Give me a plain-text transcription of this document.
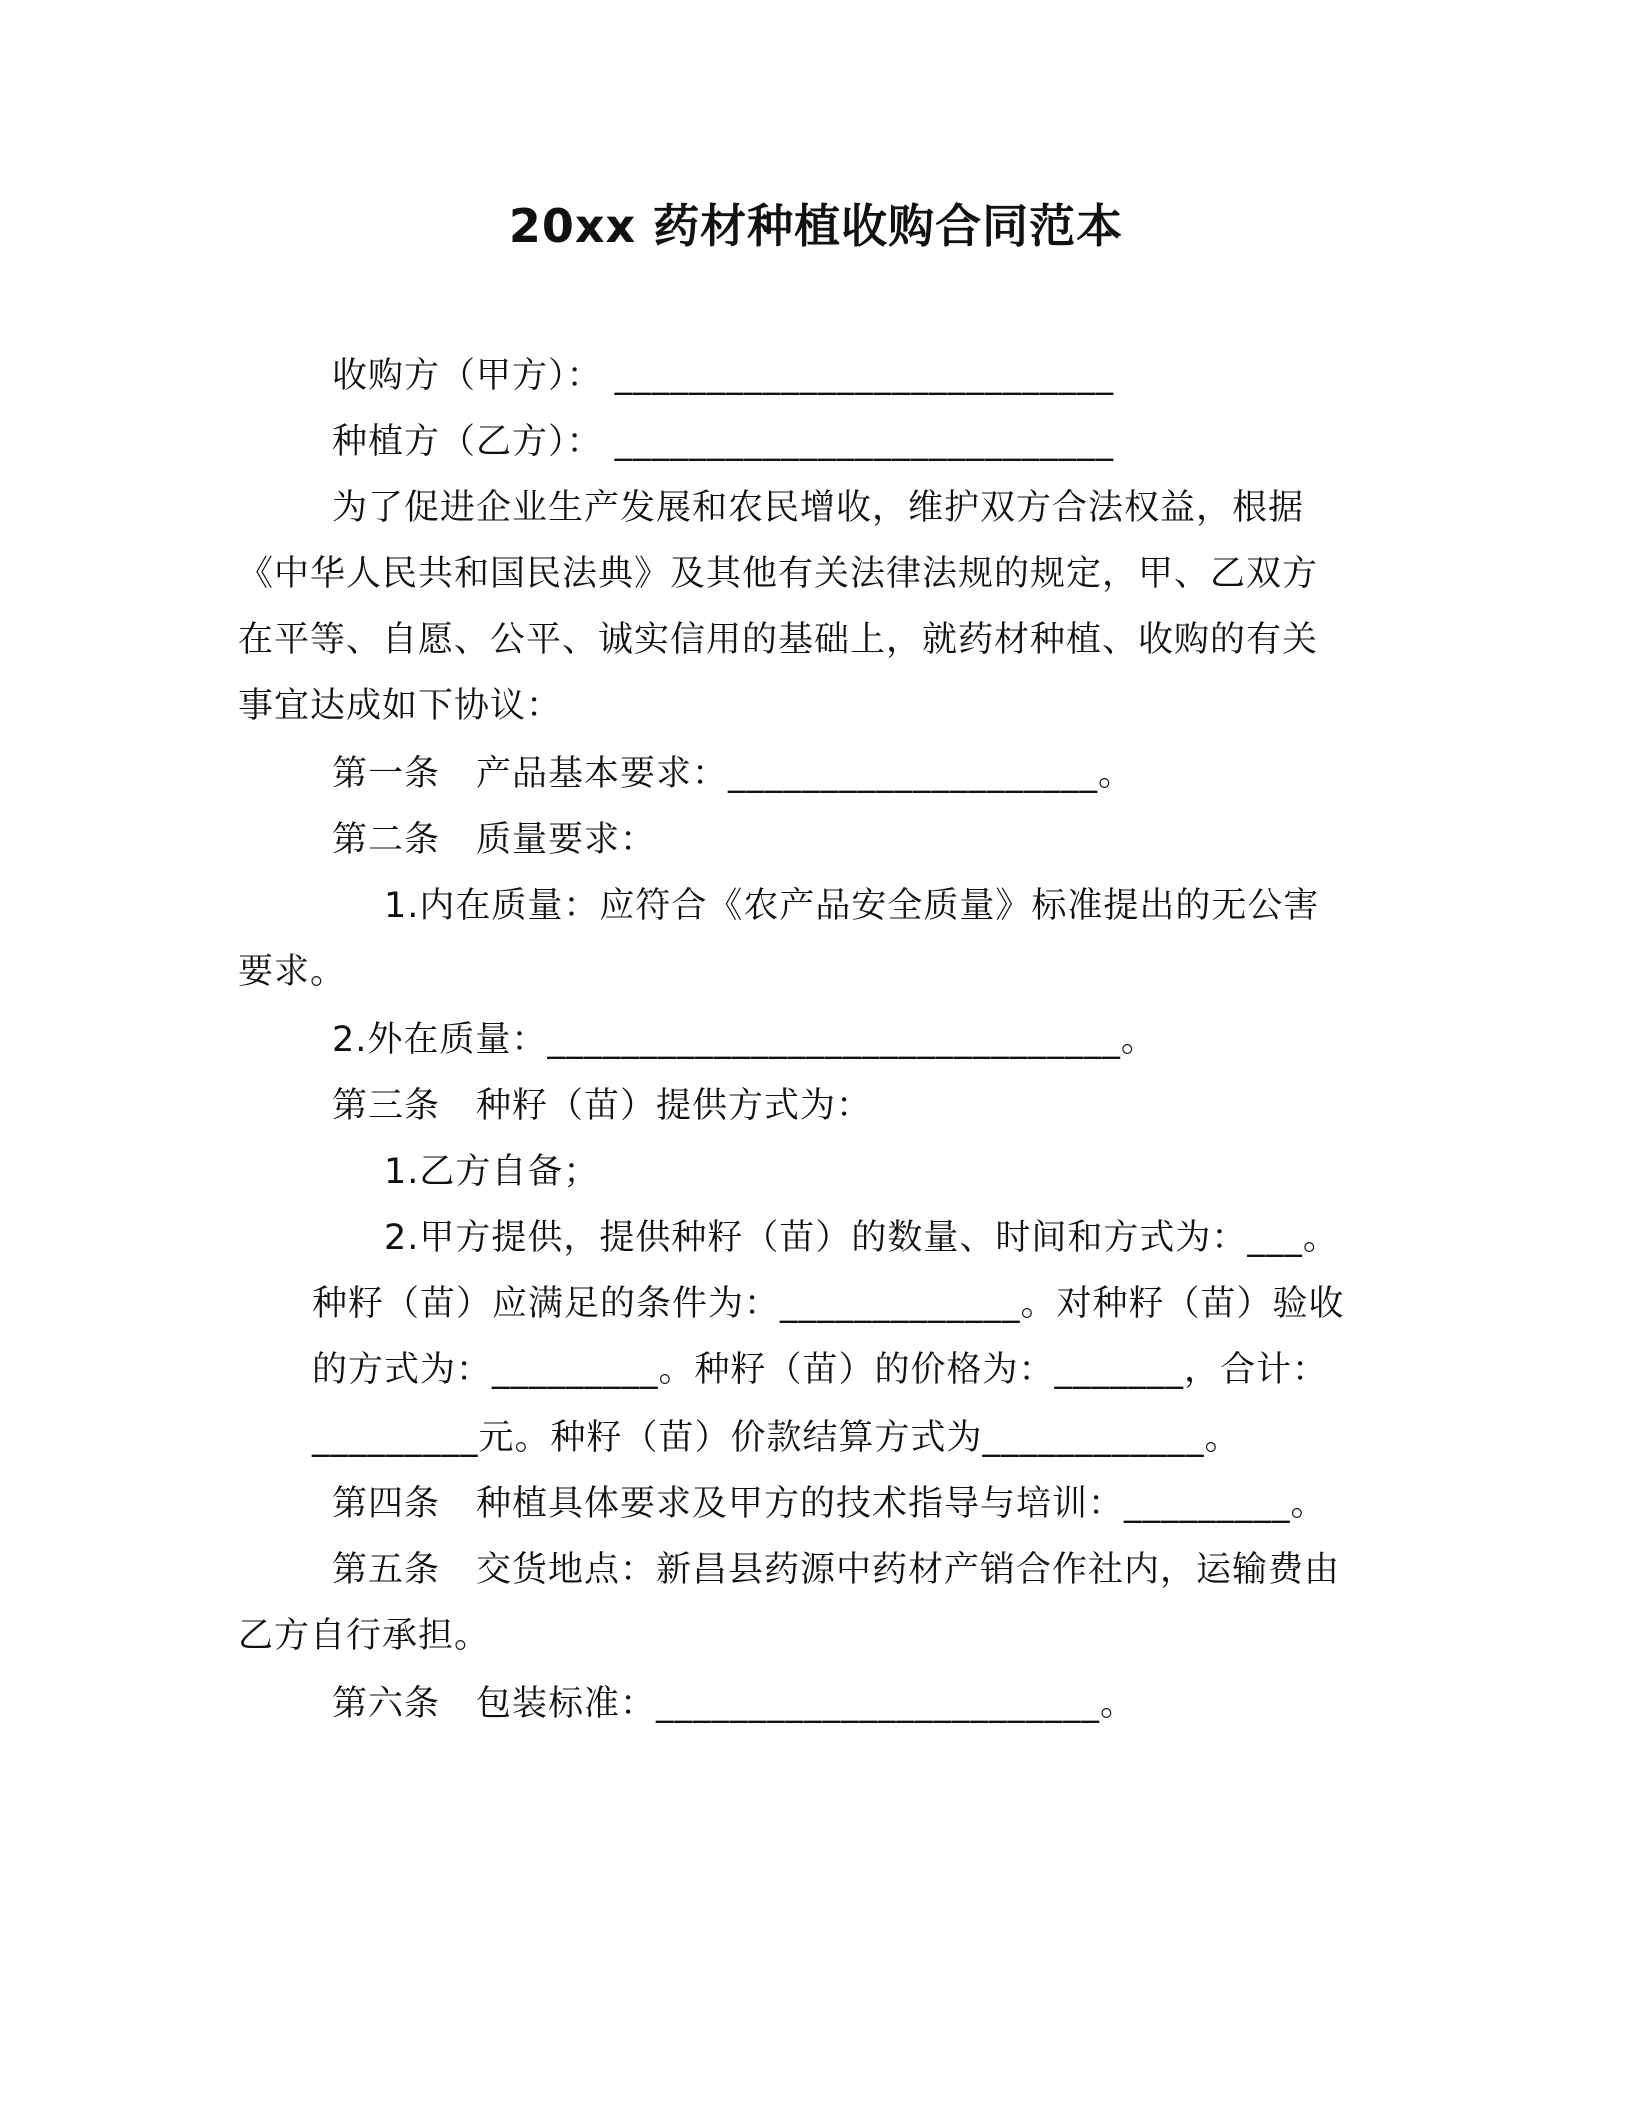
20xx 药材种植收购合同范本
收购方（甲方）： ___________________________
种植方（乙方）： ___________________________
为了促进企业生产发展和农民增收，维护双方合法权益，根据
《中华人民共和国民法典》及其他有关法律法规的规定，甲、乙双方
在平等、自愿、公平、诚实信用的基础上，就药材种植、收购的有关
事宜达成如下协议：
第一条　产品基本要求：____________________。
第二条　质量要求：
1.内在质量：应符合《农产品安全质量》标准提出的无公害
要求。
2.外在质量：_______________________________。
第三条　种籽（苗）提供方式为：
1.乙方自备；
2.甲方提供，提供种籽（苗）的数量、时间和方式为：___。
种籽（苗）应满足的条件为：_____________。对种籽（苗）验收
的方式为：_________。种籽（苗）的价格为：_______，合计：
_________元。种籽（苗）价款结算方式为____________。
第四条　种植具体要求及甲方的技术指导与培训：_________。
第五条　交货地点：新昌县药源中药材产销合作社内，运输费由
乙方自行承担。
第六条　包装标准：________________________。
